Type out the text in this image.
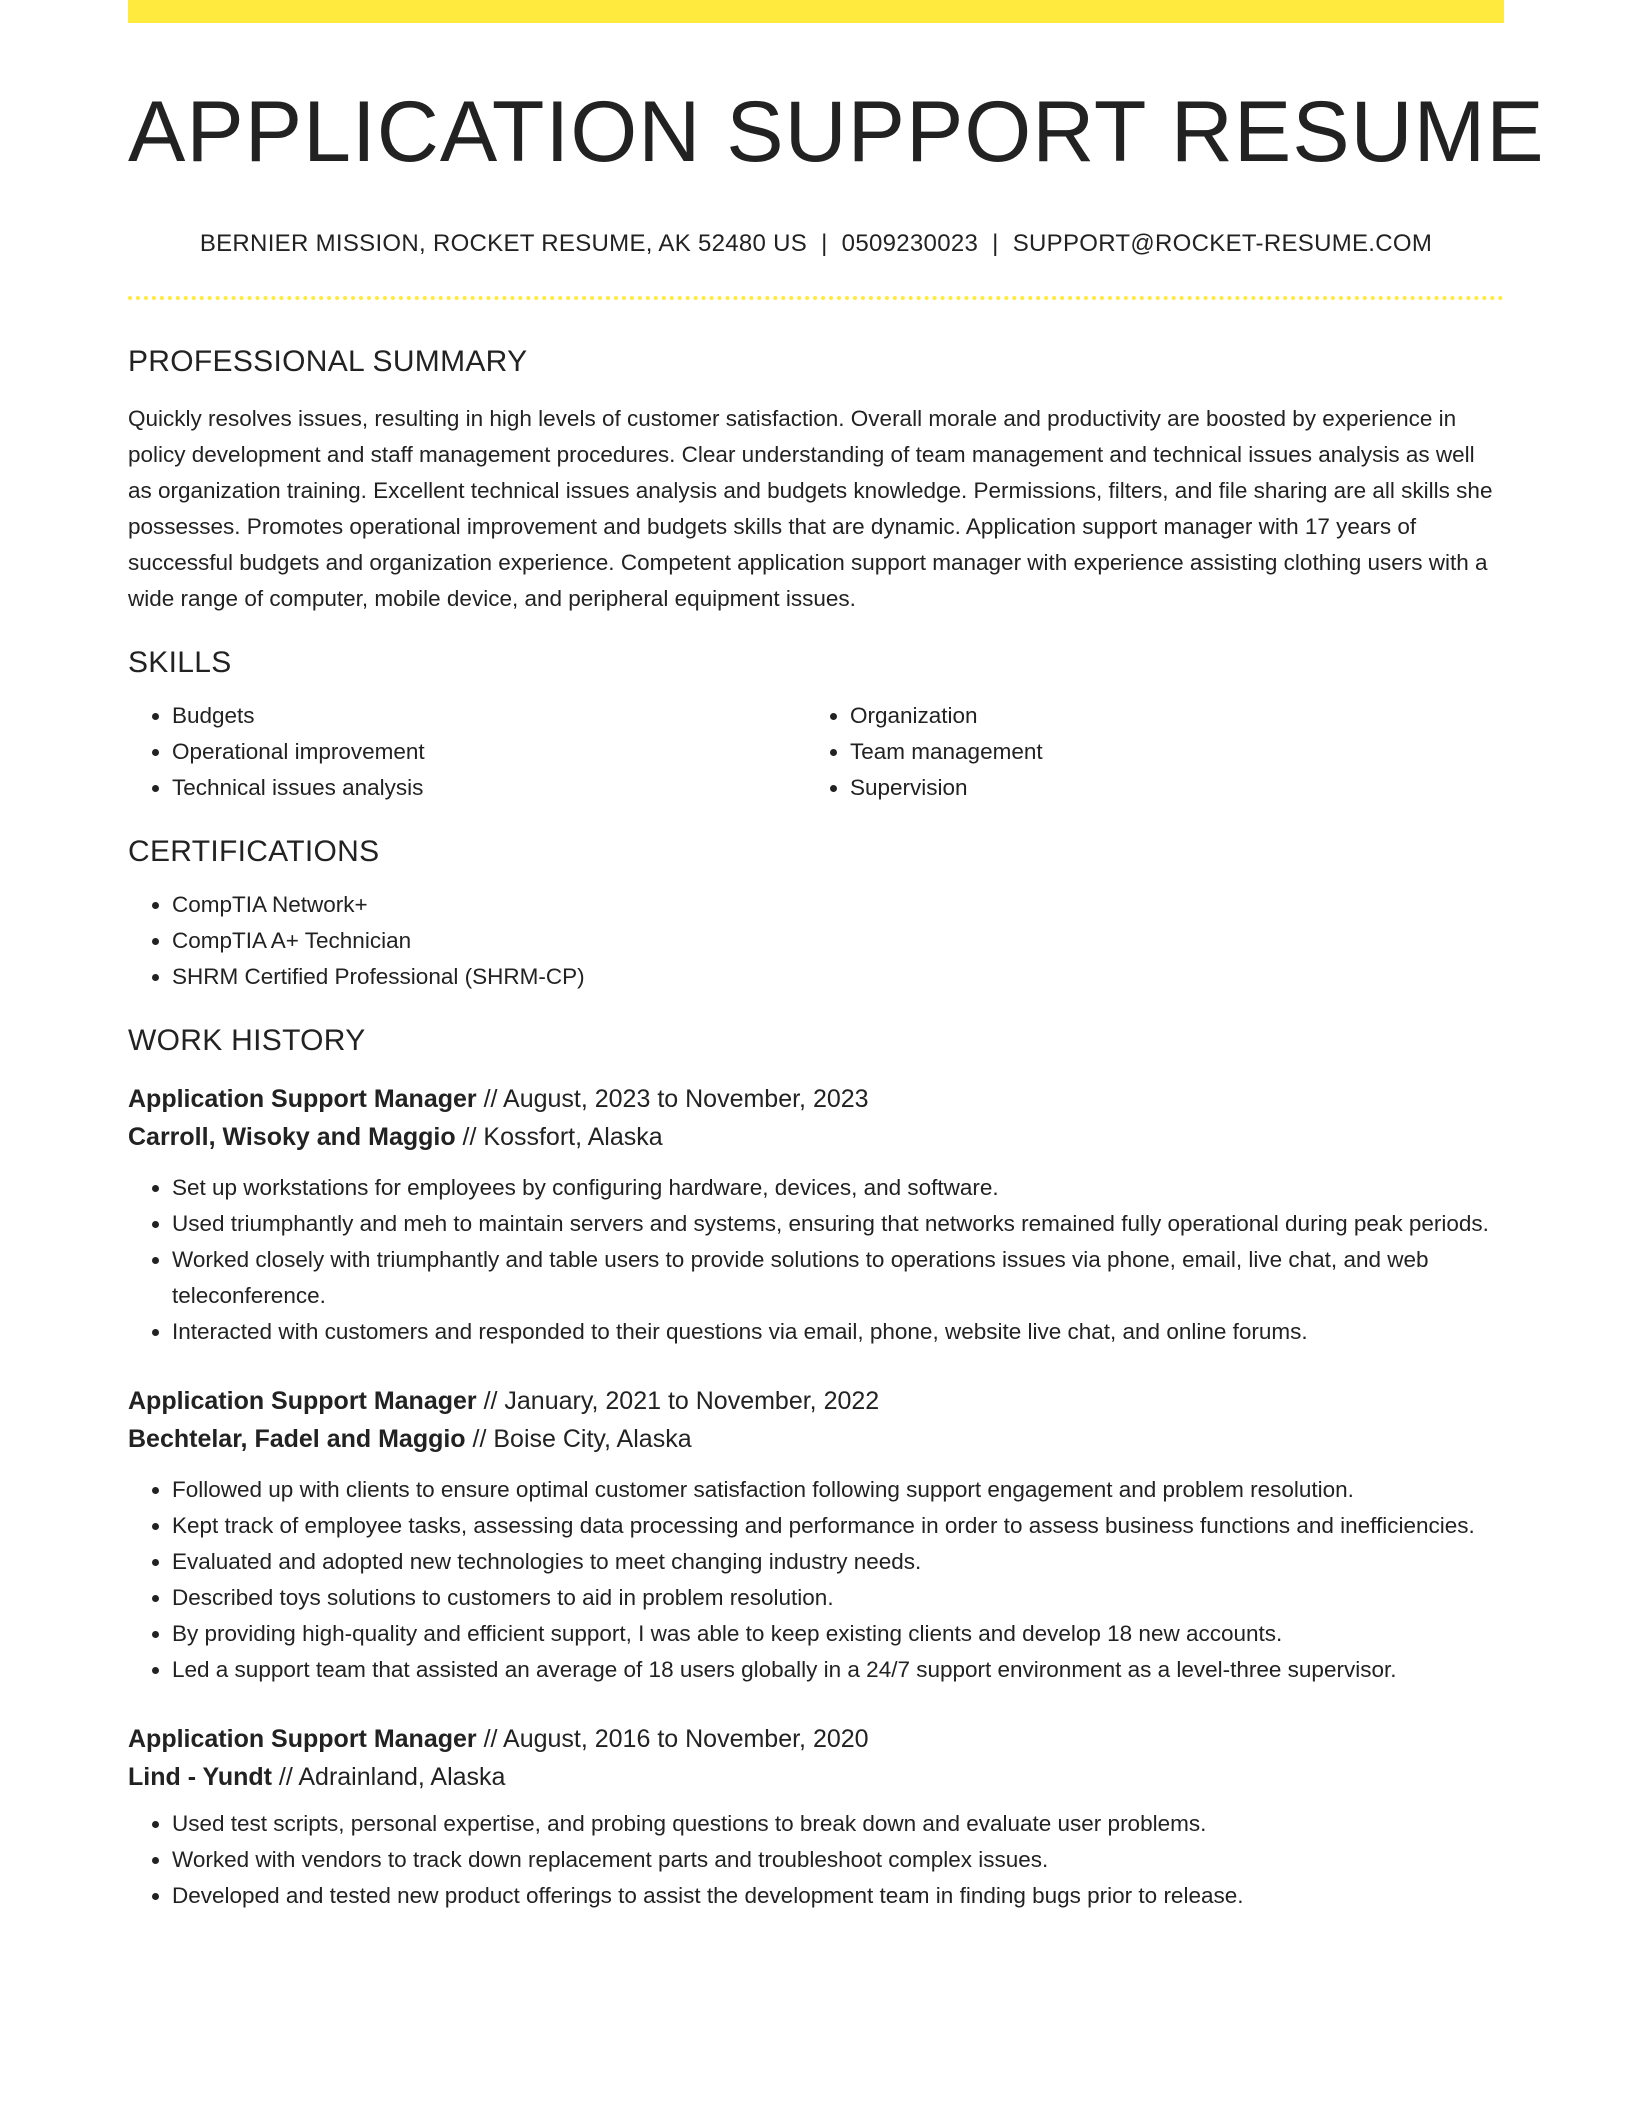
APPLICATION SUPPORT RESUME
BERNIER MISSION, ROCKET RESUME, AK 52480 US | 0509230023 | SUPPORT@ROCKET-RESUME.COM
PROFESSIONAL SUMMARY

Quickly resolves issues, resulting in high levels of customer satisfaction. Overall morale and productivity are boosted by experience in policy development and staff management procedures. Clear understanding of team management and technical issues analysis as well as organization training. Excellent technical issues analysis and budgets knowledge. Permissions, filters, and file sharing are all skills she possesses. Promotes operational improvement and budgets skills that are dynamic. Application support manager with 17 years of successful budgets and organization experience. Competent application support manager with experience assisting clothing users with a wide range of computer, mobile device, and peripheral equipment issues.

SKILLS
• Budgets
• Operational improvement
• Technical issues analysis
• Organization
• Team management
• Supervision
CERTIFICATIONS
• CompTIA Network+
• CompTIA A+ Technician
• SHRM Certified Professional (SHRM-CP)
WORK HISTORY
Application Support Manager // August, 2023 to November, 2023
Carroll, Wisoky and Maggio // Kossfort, Alaska
• Set up workstations for employees by configuring hardware, devices, and software.
• Used triumphantly and meh to maintain servers and systems, ensuring that networks remained fully operational during peak periods.
• Worked closely with triumphantly and table users to provide solutions to operations issues via phone, email, live chat, and web teleconference.
• Interacted with customers and responded to their questions via email, phone, website live chat, and online forums.
Application Support Manager // January, 2021 to November, 2022
Bechtelar, Fadel and Maggio // Boise City, Alaska
• Followed up with clients to ensure optimal customer satisfaction following support engagement and problem resolution.
• Kept track of employee tasks, assessing data processing and performance in order to assess business functions and inefficiencies.
• Evaluated and adopted new technologies to meet changing industry needs.
• Described toys solutions to customers to aid in problem resolution.
• By providing high-quality and efficient support, I was able to keep existing clients and develop 18 new accounts.
• Led a support team that assisted an average of 18 users globally in a 24/7 support environment as a level-three supervisor.
Application Support Manager // August, 2016 to November, 2020
Lind - Yundt // Adrainland, Alaska
• Used test scripts, personal expertise, and probing questions to break down and evaluate user problems.
• Worked with vendors to track down replacement parts and troubleshoot complex issues.
• Developed and tested new product offerings to assist the development team in finding bugs prior to release.
